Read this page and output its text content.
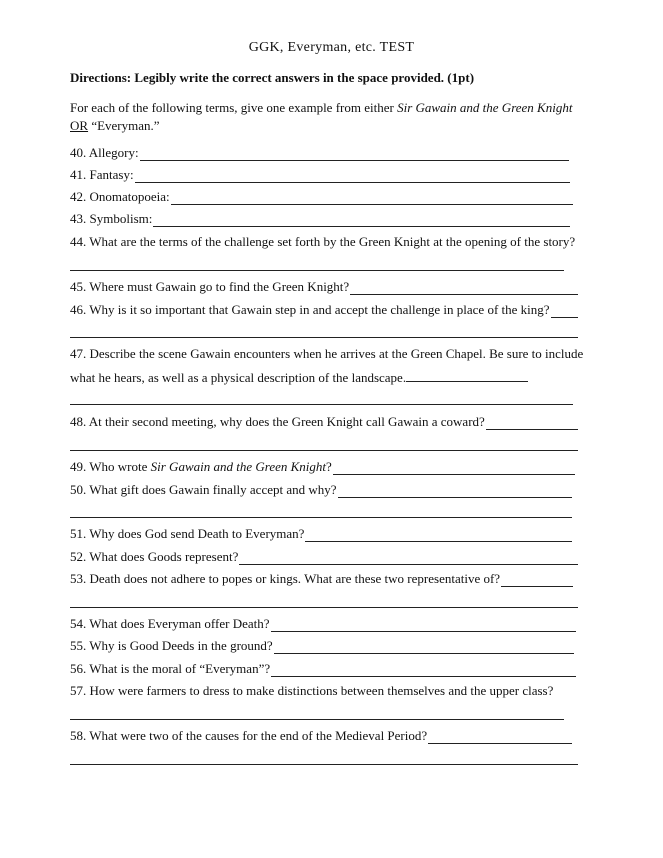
GGK, Everyman, etc. TEST
Directions: Legibly write the correct answers in the space provided. (1pt)
For each of the following terms, give one example from either Sir Gawain and the Green Knight
OR “Everyman.”
40. Allegory:
41. Fantasy:
42. Onomatopoeia:
43. Symbolism:
44. What are the terms of the challenge set forth by the Green Knight at the opening of the story?
45. Where must Gawain go to find the Green Knight?
46. Why is it so important that Gawain step in and accept the challenge in place of the king?
47. Describe the scene Gawain encounters when he arrives at the Green Chapel. Be sure to include what he hears, as well as a physical description of the landscape.
48. At their second meeting, why does the Green Knight call Gawain a coward?
49. Who wrote Sir Gawain and the Green Knight?
50. What gift does Gawain finally accept and why?
51. Why does God send Death to Everyman?
52. What does Goods represent?
53. Death does not adhere to popes or kings. What are these two representative of?
54. What does Everyman offer Death?
55. Why is Good Deeds in the ground?
56. What is the moral of “Everyman”?
57. How were farmers to dress to make distinctions between themselves and the upper class?
58. What were two of the causes for the end of the Medieval Period?
